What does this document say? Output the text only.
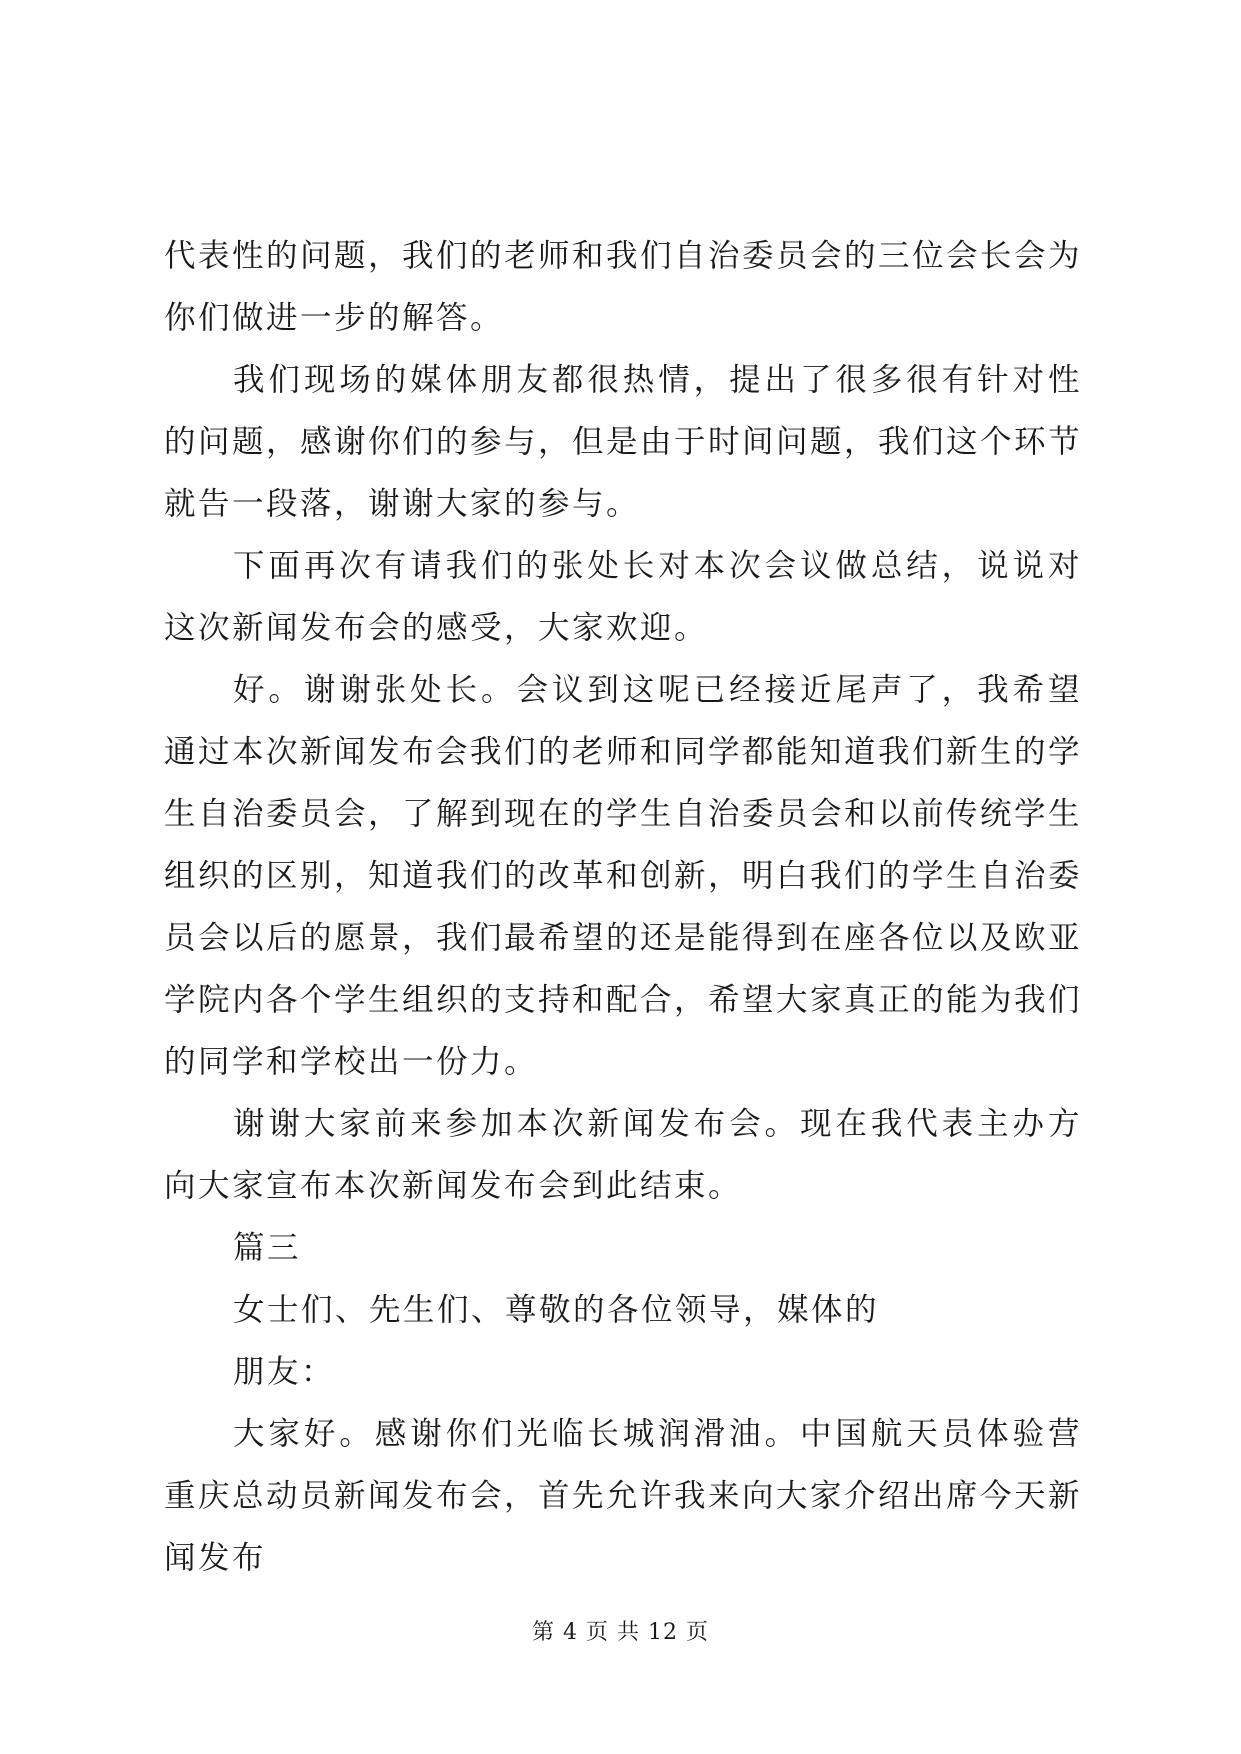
代表性的问题，我们的老师和我们自治委员会的三位会长会为你们做进一步的解答。

我们现场的媒体朋友都很热情，提出了很多很有针对性的问题，感谢你们的参与，但是由于时间问题，我们这个环节就告一段落，谢谢大家的参与。

下面再次有请我们的张处长对本次会议做总结，说说对这次新闻发布会的感受，大家欢迎。

好。谢谢张处长。会议到这呢已经接近尾声了，我希望通过本次新闻发布会我们的老师和同学都能知道我们新生的学生自治委员会，了解到现在的学生自治委员会和以前传统学生组织的区别，知道我们的改革和创新，明白我们的学生自治委员会以后的愿景，我们最希望的还是能得到在座各位以及欧亚学院内各个学生组织的支持和配合，希望大家真正的能为我们的同学和学校出一份力。

谢谢大家前来参加本次新闻发布会。现在我代表主办方向大家宣布本次新闻发布会到此结束。

篇三

女士们、先生们、尊敬的各位领导，媒体的

朋友：

大家好。感谢你们光临长城润滑油。中国航天员体验营重庆总动员新闻发布会，首先允许我来向大家介绍出席今天新闻发布

第 4 页 共 12 页
